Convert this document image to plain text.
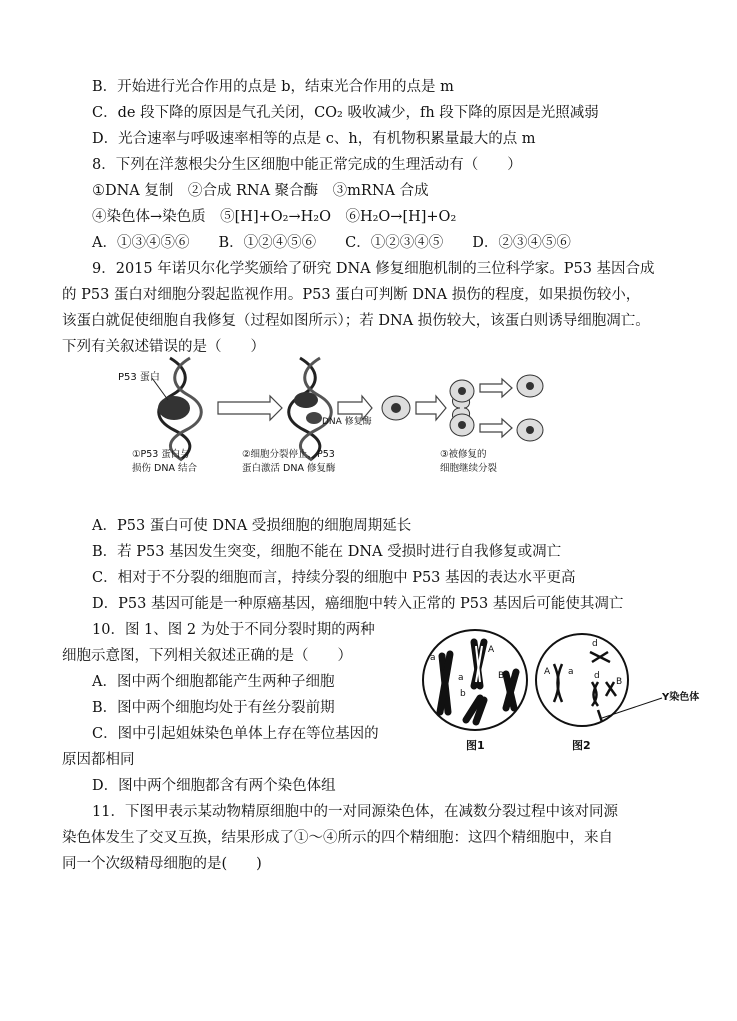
B．开始进行光合作用的点是 b，结束光合作用的点是 m
C．de 段下降的原因是气孔关闭，CO₂ 吸收减少，fh 段下降的原因是光照减弱
D．光合速率与呼吸速率相等的点是 c、h，有机物积累量最大的点 m
8．下列在洋葱根尖分生区细胞中能正常完成的生理活动有（　　）
①DNA 复制　②合成 RNA 聚合酶　③mRNA 合成
④染色体→染色质　⑤[H]+O₂→H₂O　⑥H₂O→[H]+O₂
A．①③④⑤⑥　　B．①②④⑤⑥　　C．①②③④⑤　　D．②③④⑤⑥
9．2015 年诺贝尔化学奖颁给了研究 DNA 修复细胞机制的三位科学家。P53 基因合成
的 P53 蛋白对细胞分裂起监视作用。P53 蛋白可判断 DNA 损伤的程度，如果损伤较小，
该蛋白就促使细胞自我修复（过程如图所示）；若 DNA 损伤较大，该蛋白则诱导细胞凋亡。
下列有关叙述错误的是（　　）
P53 蛋白
DNA 修复酶
①P53 蛋白与
损伤 DNA 结合
②细胞分裂停止，P53
蛋白激活 DNA 修复酶
③被修复的
细胞继续分裂
A．P53 蛋白可使 DNA 受损细胞的细胞周期延长
B．若 P53 基因发生突变，细胞不能在 DNA 受损时进行自我修复或凋亡
C．相对于不分裂的细胞而言，持续分裂的细胞中 P53 基因的表达水平更高
D．P53 基因可能是一种原癌基因，癌细胞中转入正常的 P53 基因后可能使其凋亡
10．图 1、图 2 为处于不同分裂时期的两种
细胞示意图，下列相关叙述正确的是（　　）
A．图中两个细胞都能产生两种子细胞
B．图中两个细胞均处于有丝分裂前期
C．图中引起姐妹染色单体上存在等位基因的
原因都相同
D．图中两个细胞都含有两个染色体组
a
A
a	B
b	b
图1
d
A a d
B
Y染色体
图2
11．下图甲表示某动物精原细胞中的一对同源染色体，在减数分裂过程中该对同源
染色体发生了交叉互换，结果形成了①～④所示的四个精细胞：这四个精细胞中，来自
同一个次级精母细胞的是(　　)
